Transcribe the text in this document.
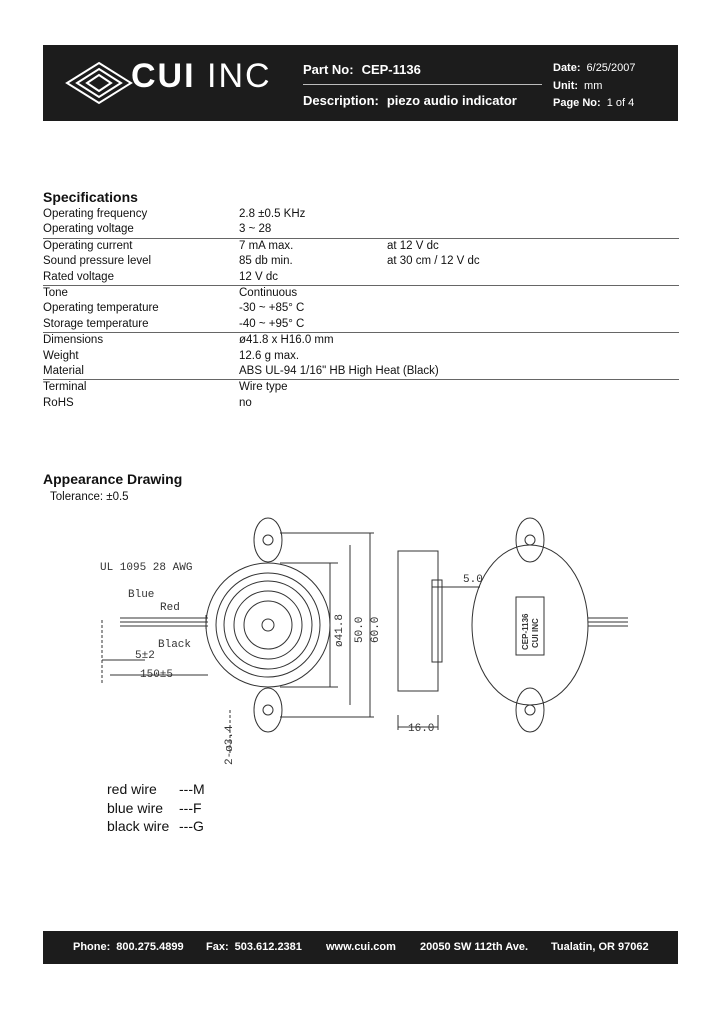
CUI INC Part No: CEP-1136
Description: piezo audio indicator
Date: 6/25/2007
Unit: mm
Page No: 1 of 4
Specifications
Operating frequency	2.8 ±0.5 KHz
Operating voltage	3 ~ 28
Operating current	7 mA max.	at 12 V dc
Sound pressure level	85 db min.	at 30 cm / 12 V dc
Rated voltage	12 V dc
Tone	Continuous
Operating temperature	-30 ~ +85° C
Storage temperature	-40 ~ +95° C
Dimensions	ø41.8 x H16.0 mm
Weight	12.6 g max.
Material	ABS UL-94 1/16" HB High Heat (Black)
Terminal	Wire type
RoHS	no
Appearance Drawing
Tolerance: ±0.5
UL 1095 28 AWG
Blue
Red
Black
5±2
150±5
5.0
16.0
2-ø3.4
ø41.8 50.0 60.0	CEP-1136 CUI INC
red wire ---M
blue wire ---F
black wire ---G
Phone: 800.275.4899 Fax: 503.612.2381 www.cui.com 20050 SW 112th Ave. Tualatin, OR 97062
